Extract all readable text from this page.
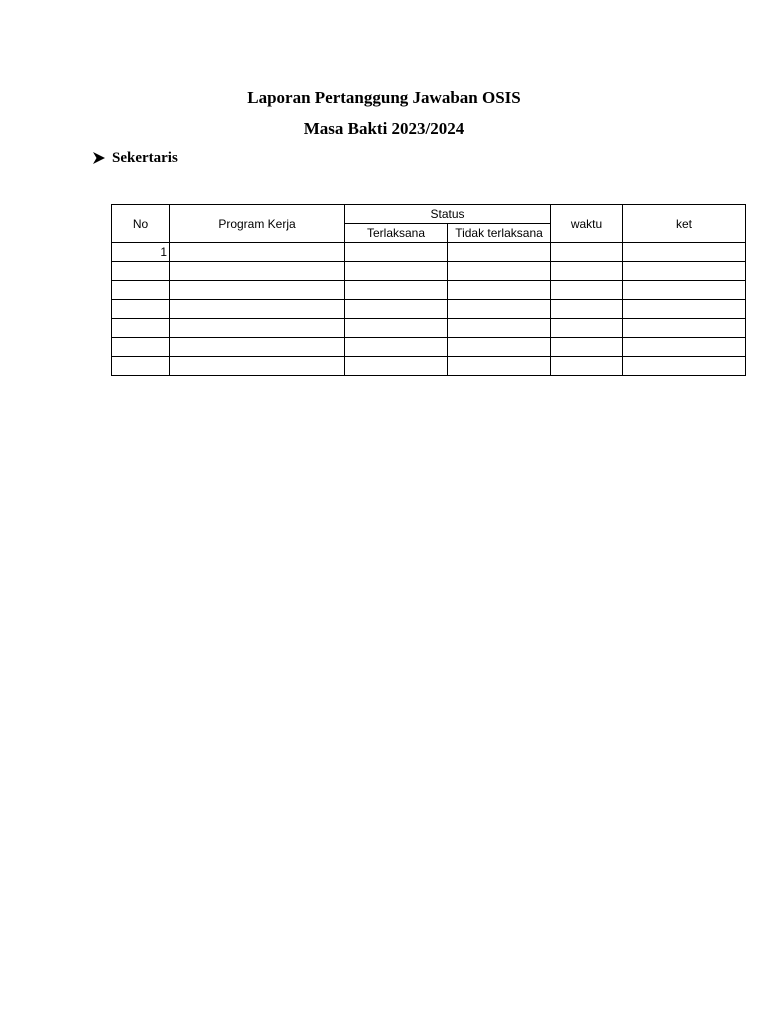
Laporan Pertanggung Jawaban OSIS
Masa Bakti 2023/2024
Sekertaris
No	Program Kerja	Status		waktu	ket
		Terlaksana	Tidak terlaksana		
1					
